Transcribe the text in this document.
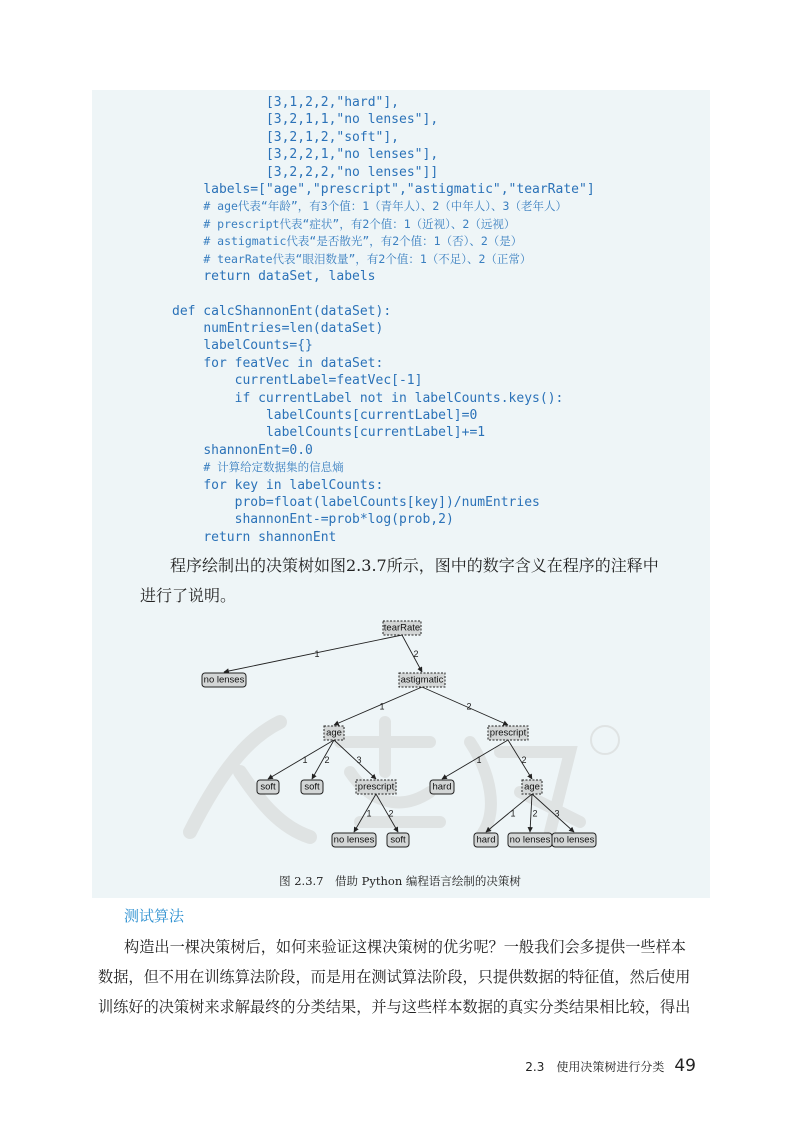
[3,1,2,2,"hard"],
[3,2,1,1,"no lenses"],
[3,2,1,2,"soft"],
[3,2,2,1,"no lenses"],
[3,2,2,2,"no lenses"]]
labels=["age","prescript","astigmatic","tearRate"]
# age代表“年龄”，有3个值：1（青年人）、2（中年人）、3（老年人）
# prescript代表“症状”，有2个值：1（近视）、2（远视）
# astigmatic代表“是否散光”，有2个值：1（否）、2（是）
# tearRate代表“眼泪数量”，有2个值：1（不足）、2（正常）
return dataSet, labels
def calcShannonEnt(dataSet):
numEntries=len(dataSet)
labelCounts={}
for featVec in dataSet:
currentLabel=featVec[-1]
if currentLabel not in labelCounts.keys():
labelCounts[currentLabel]=0
labelCounts[currentLabel]+=1
shannonEnt=0.0
# 计算给定数据集的信息熵
for key in labelCounts:
prob=float(labelCounts[key])/numEntries
shannonEnt-=prob*log(prob,2)
return shannonEnt
程序绘制出的决策树如图2.3.7所示，图中的数字含义在程序的注释中
进行了说明。
1	2
1	2
1 2	3
1 2
1	2
1 2 3
tearRate
no lenses	astigmatic
age	prescript
soft	soft	prescript	hard	age
no lenses soft	hard no lenses no lenses
图 2.3.7　 借助 Python 编程语言绘制的决策树
测试算法
构造出一棵决策树后，如何来验证这棵决策树的优劣呢？一般我们会多提供一些样本
数据，但不用在训练算法阶段，而是用在测试算法阶段，只提供数据的特征值，然后使用
训练好的决策树来求解最终的分类结果，并与这些样本数据的真实分类结果相比较，得出
2.3　使用决策树进行分类 49
